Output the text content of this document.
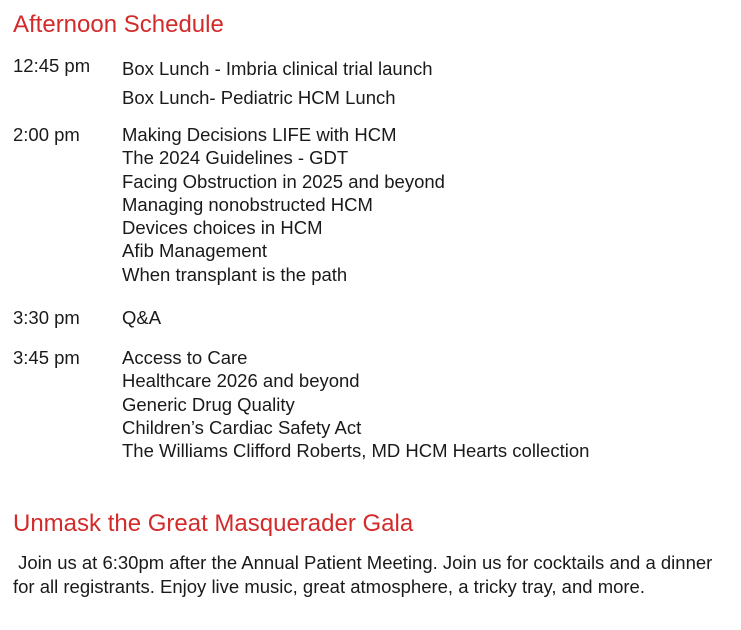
Afternoon Schedule
12:45 pm Box Lunch - Imbria clinical trial launch
Box Lunch- Pediatric HCM Lunch
2:00 pm Making Decisions LIFE with HCM
The 2024 Guidelines - GDT
Facing Obstruction in 2025 and beyond
Managing nonobstructed HCM
Devices choices in HCM
Afib Management
When transplant is the path
3:30 pm Q&A
3:45 pm Access to Care
Healthcare 2026 and beyond
Generic Drug Quality
Children’s Cardiac Safety Act
The Williams Clifford Roberts, MD HCM Hearts collection
Unmask the Great Masquerader Gala

Join us at 6:30pm after the Annual Patient Meeting. Join us for cocktails and a dinner for all registrants. Enjoy live music, great atmosphere, a tricky tray, and more.
